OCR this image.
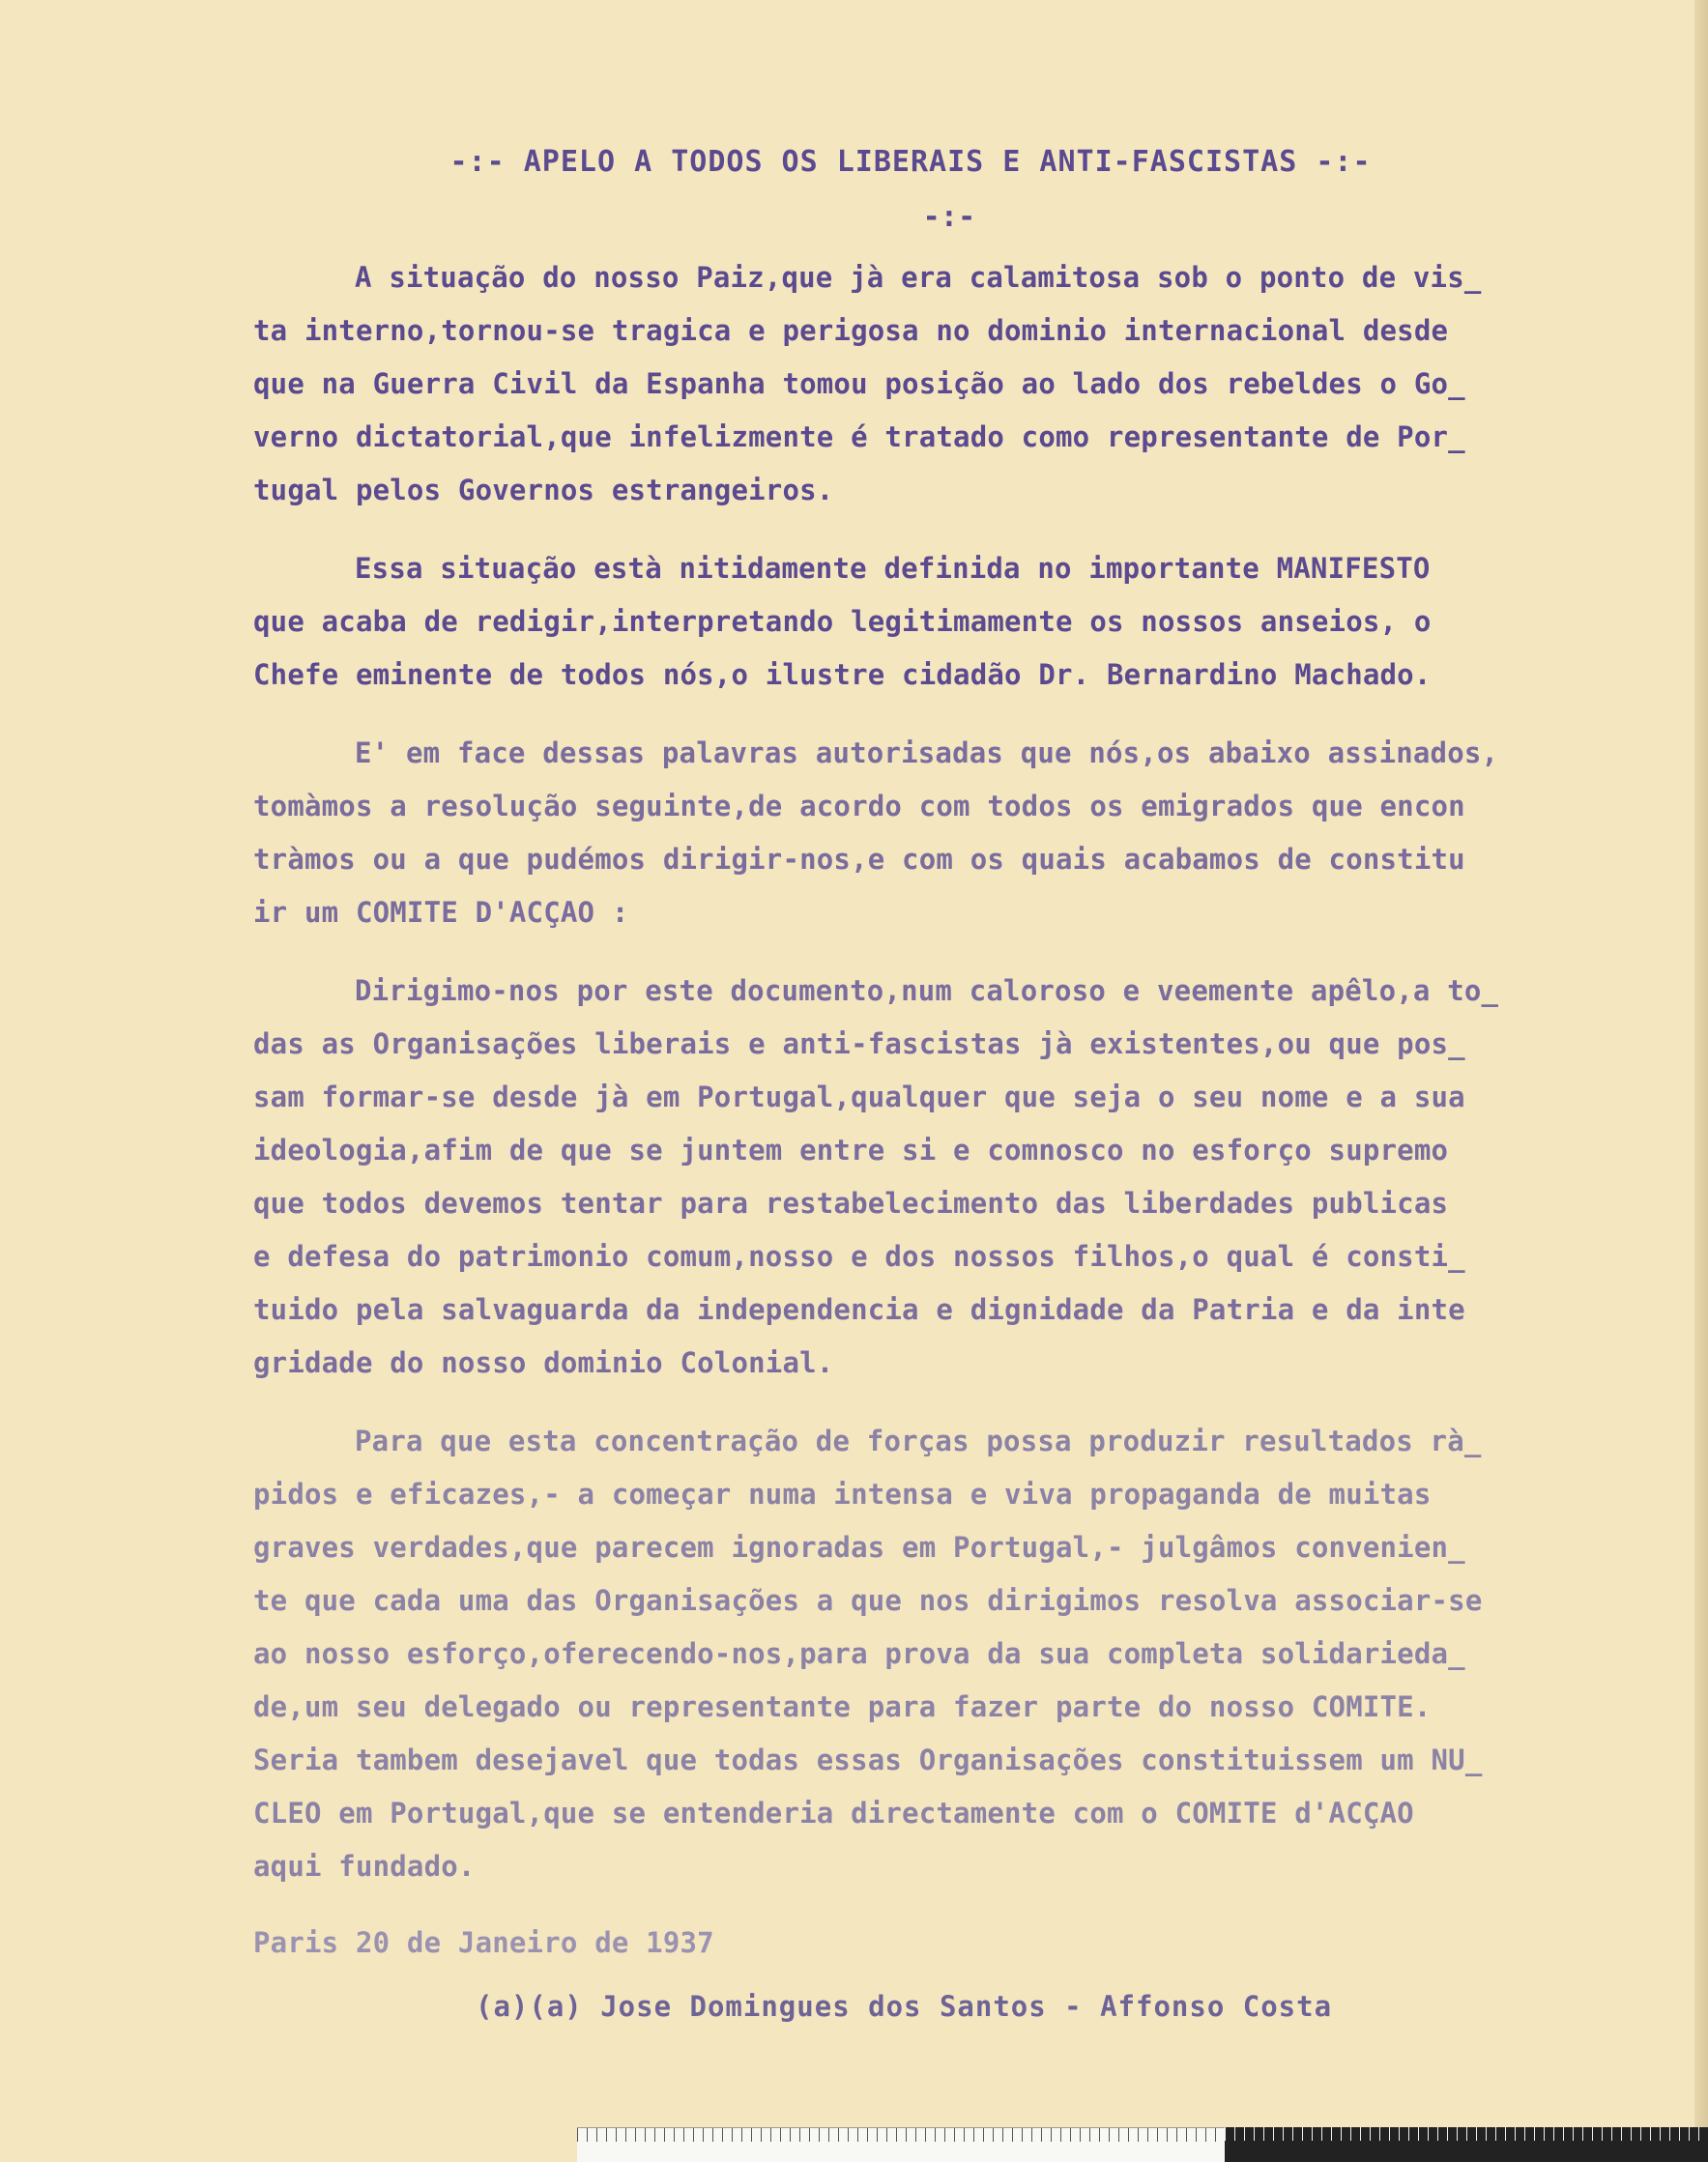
-:- APELO A TODOS OS LIBERAIS E ANTI-FASCISTAS -:-
-:-

A situação do nosso Paiz,que jà era calamitosa sob o ponto de vis_
ta interno,tornou-se tragica e perigosa no dominio internacional desde
que na Guerra Civil da Espanha tomou posição ao lado dos rebeldes o Go_
verno dictatorial,que infelizmente é tratado como representante de Por_
tugal pelos Governos estrangeiros.

Essa situação està nitidamente definida no importante MANIFESTO
que acaba de redigir,interpretando legitimamente os nossos anseios, o
Chefe eminente de todos nós,o ilustre cidadão Dr. Bernardino Machado.

E' em face dessas palavras autorisadas que nós,os abaixo assinados,
tomàmos a resolução seguinte,de acordo com todos os emigrados que encon
tràmos ou a que pudémos dirigir-nos,e com os quais acabamos de constitu
ir um COMITE D'ACÇAO :

Dirigimo-nos por este documento,num caloroso e veemente apêlo,a to_
das as Organisações liberais e anti-fascistas jà existentes,ou que pos_
sam formar-se desde jà em Portugal,qualquer que seja o seu nome e a sua
ideologia,afim de que se juntem entre si e comnosco no esforço supremo
que todos devemos tentar para restabelecimento das liberdades publicas
e defesa do patrimonio comum,nosso e dos nossos filhos,o qual é consti_
tuido pela salvaguarda da independencia e dignidade da Patria e da inte
gridade do nosso dominio Colonial.

Para que esta concentração de forças possa produzir resultados rà_
pidos e eficazes,- a começar numa intensa e viva propaganda de muitas
graves verdades,que parecem ignoradas em Portugal,- julgâmos convenien_
te que cada uma das Organisações a que nos dirigimos resolva associar-se
ao nosso esforço,oferecendo-nos,para prova da sua completa solidarieda_
de,um seu delegado ou representante para fazer parte do nosso COMITE.
Seria tambem desejavel que todas essas Organisações constituissem um NU_
CLEO em Portugal,que se entenderia directamente com o COMITE d'ACÇAO
aqui fundado.

Paris 20 de Janeiro de 1937
(a)(a) Jose Domingues dos Santos - Affonso Costa
